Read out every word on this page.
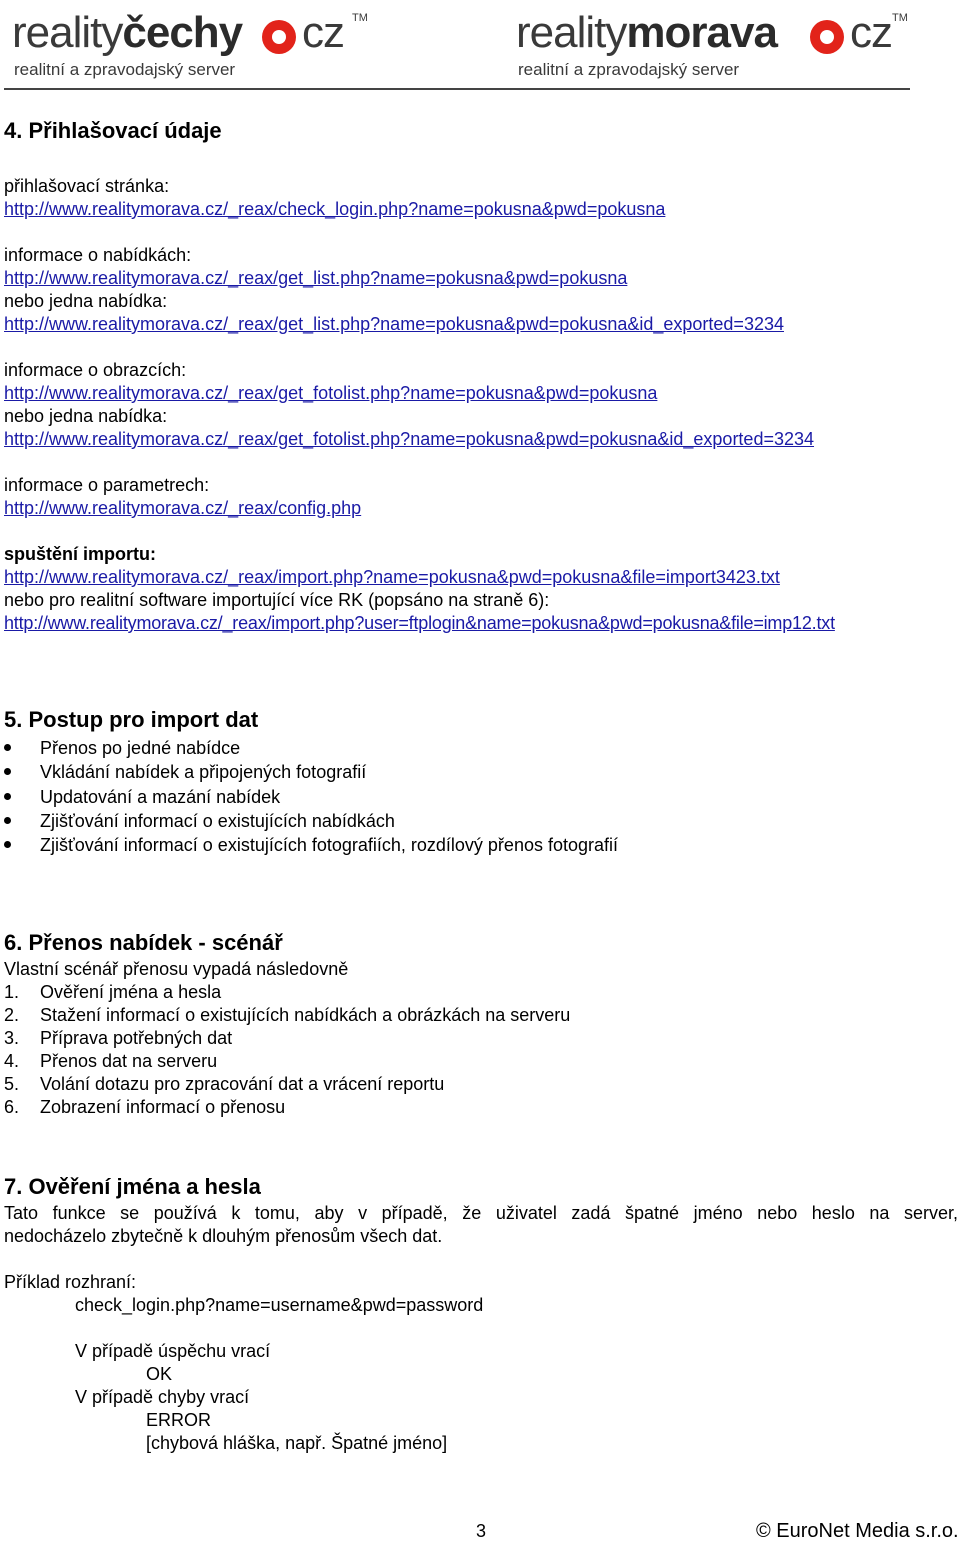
realityčechy cz TM
realitní a zpravodajský server
realitymorava cz TM
realitní a zpravodajský server
4. Přihlašovací údaje
přihlašovací stránka:
http://www.realitymorava.cz/_reax/check_login.php?name=pokusna&pwd=pokusna
informace o nabídkách:
http://www.realitymorava.cz/_reax/get_list.php?name=pokusna&pwd=pokusna
nebo jedna nabídka:
http://www.realitymorava.cz/_reax/get_list.php?name=pokusna&pwd=pokusna&id_exported=3234
informace o obrazcích:
http://www.realitymorava.cz/_reax/get_fotolist.php?name=pokusna&pwd=pokusna
nebo jedna nabídka:
http://www.realitymorava.cz/_reax/get_fotolist.php?name=pokusna&pwd=pokusna&id_exported=3234
informace o parametrech:
http://www.realitymorava.cz/_reax/config.php
spuštění importu:
http://www.realitymorava.cz/_reax/import.php?name=pokusna&pwd=pokusna&file=import3423.txt
nebo pro realitní software importující více RK (popsáno na straně 6):
http://www.realitymorava.cz/_reax/import.php?user=ftplogin&name=pokusna&pwd=pokusna&file=imp12.txt
5. Postup pro import dat
Přenos po jedné nabídce
Vkládání nabídek a připojených fotografií
Updatování a mazání nabídek
Zjišťování informací o existujících nabídkách
Zjišťování informací o existujících fotografiích, rozdílový přenos fotografií
6. Přenos nabídek - scénář
Vlastní scénář přenosu vypadá následovně
1. Ověření jména a hesla
2. Stažení informací o existujících nabídkách a obrázkách na serveru
3. Příprava potřebných dat
4. Přenos dat na serveru
5. Volání dotazu pro zpracování dat a vrácení reportu
6. Zobrazení informací o přenosu
7. Ověření jména a hesla
Tato funkce se používá k tomu, aby v případě, že uživatel zadá špatné jméno nebo heslo na server,
nedocházelo zbytečně k dlouhým přenosům všech dat.
Příklad rozhraní:
check_login.php?name=username&pwd=password
V případě úspěchu vrací
OK
V případě chyby vrací
ERROR
[chybová hláška, např. Špatné jméno]
3	© EuroNet Media s.r.o.
